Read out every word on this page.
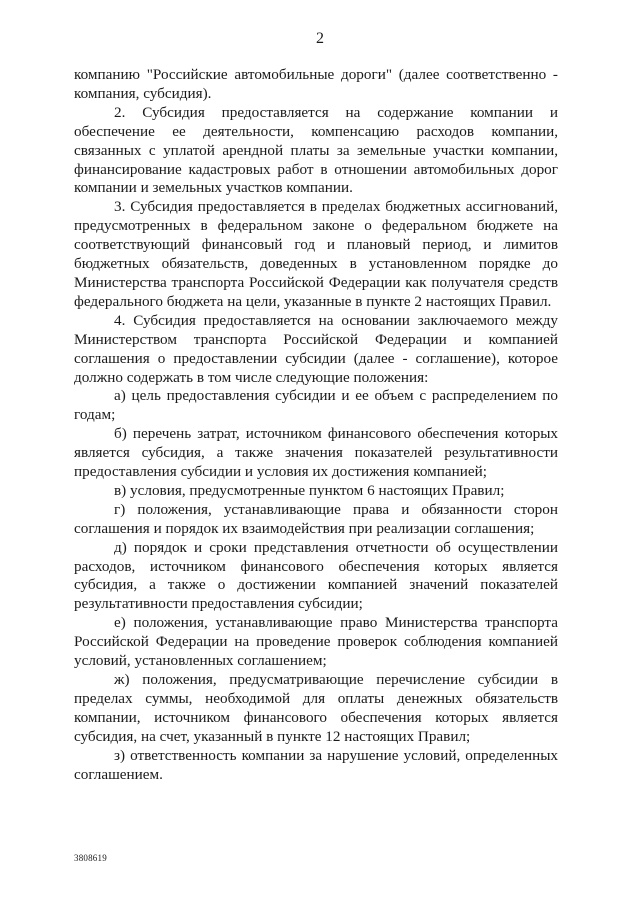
2

компанию "Российские автомобильные дороги" (далее соответственно - компания, субсидия).

2. Субсидия предоставляется на содержание компании и обеспечение ее деятельности, компенсацию расходов компании, связанных с уплатой арендной платы за земельные участки компании, финансирование кадастровых работ в отношении автомобильных дорог компании и земельных участков компании.

3. Субсидия предоставляется в пределах бюджетных ассигнований, предусмотренных в федеральном законе о федеральном бюджете на соответствующий финансовый год и плановый период, и лимитов бюджетных обязательств, доведенных в установленном порядке до Министерства транспорта Российской Федерации как получателя средств федерального бюджета на цели, указанные в пункте 2 настоящих Правил.

4. Субсидия предоставляется на основании заключаемого между Министерством транспорта Российской Федерации и компанией соглашения о предоставлении субсидии (далее - соглашение), которое должно содержать в том числе следующие положения:

а) цель предоставления субсидии и ее объем с распределением по годам;

б) перечень затрат, источником финансового обеспечения которых является субсидия, а также значения показателей результативности предоставления субсидии и условия их достижения компанией;

в) условия, предусмотренные пунктом 6 настоящих Правил;

г) положения, устанавливающие права и обязанности сторон соглашения и порядок их взаимодействия при реализации соглашения;

д) порядок и сроки представления отчетности об осуществлении расходов, источником финансового обеспечения которых является субсидия, а также о достижении компанией значений показателей результативности предоставления субсидии;

е) положения, устанавливающие право Министерства транспорта Российской Федерации на проведение проверок соблюдения компанией условий, установленных соглашением;

ж) положения, предусматривающие перечисление субсидии в пределах суммы, необходимой для оплаты денежных обязательств компании, источником финансового обеспечения которых является субсидия, на счет, указанный в пункте 12 настоящих Правил;

з) ответственность компании за нарушение условий, определенных соглашением.

3808619
